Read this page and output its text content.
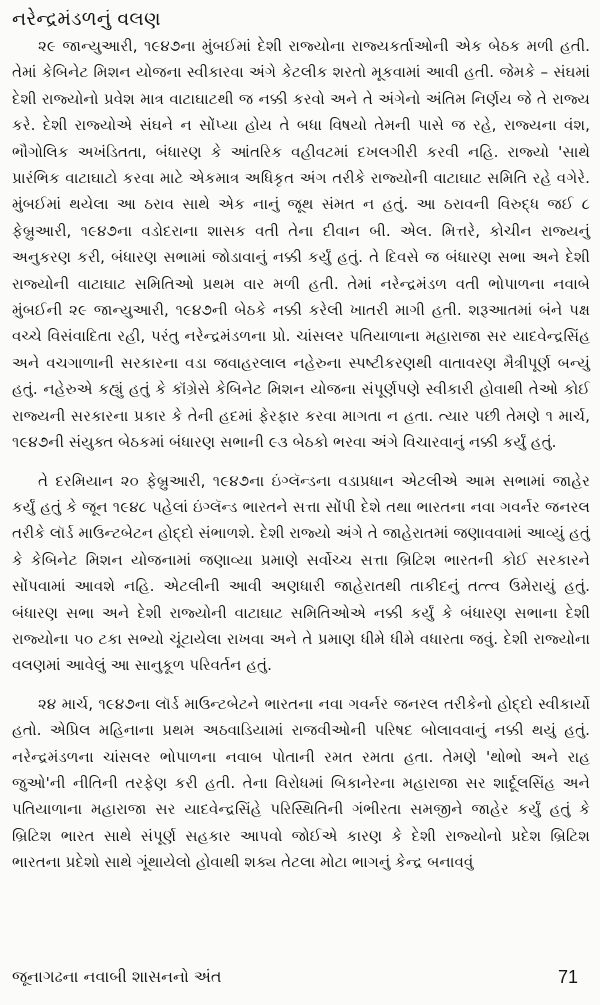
નરેન્દ્રમંડળનું વલણ

૨૯ જાન્યુઆરી, ૧૯૪૭ના મુંબઈમાં દેશી રાજ્યોના રાજ્યકર્તાઓની એક બેઠક મળી હતી. તેમાં કેબિનેટ મિશન યોજના સ્વીકારવા અંગે કેટલીક શરતો મૂકવામાં આવી હતી. જેમકે – સંઘમાં દેશી રાજ્યોનો પ્રવેશ માત્ર વાટાઘાટથી જ નક્કી કરવો અને તે અંગેનો અંતિમ નિર્ણય જે તે રાજ્ય કરે. દેશી રાજ્યોએ સંઘને ન સોંપ્યા હોય તે બધા વિષયો તેમની પાસે જ રહે, રાજ્યના વંશ, ભૌગોલિક અખંડિતતા, બંધારણ કે આંતરિક વહીવટમાં દખલગીરી કરવી નહિ. રાજ્યો 'સાથે પ્રારંભિક વાટાઘાટો કરવા માટે એકમાત્ર અધિકૃત અંગ તરીકે રાજ્યોની વાટાઘાટ સમિતિ રહે વગેરે. મુંબઈમાં થયેલા આ ઠરાવ સાથે એક નાનું જૂથ સંમત ન હતું. આ ઠરાવની વિરુદ્ધ જઈ ૮ ફેબ્રુઆરી, ૧૯૪૭ના વડોદરાના શાસક વતી તેના દીવાન બી. એલ. મિત્તરે, કોચીન રાજ્યનું અનુકરણ કરી, બંધારણ સભામાં જોડાવાનું નક્કી કર્યું હતું. તે દિવસે જ બંધારણ સભા અને દેશી રાજ્યોની વાટાઘાટ સમિતિઓ પ્રથમ વાર મળી હતી. તેમાં નરેન્દ્રમંડળ વતી ભોપાળના નવાબે મુંબઈની ૨૯ જાન્યુઆરી, ૧૯૪૭ની બેઠકે નક્કી કરેલી ખાતરી માગી હતી. શરૂઆતમાં બંને પક્ષ વચ્ચે વિસંવાદિતા રહી, પરંતુ નરેન્દ્રમંડળના પ્રો. ચાંસલર પતિયાળાના મહારાજા સર યાદવેન્દ્રસિંહ અને વચગાળાની સરકારના વડા જવાહરલાલ નહેરુના સ્પષ્ટીકરણથી વાતાવરણ મૈત્રીપૂર્ણ બન્યું હતું. નહેરુએ કહ્યું હતું કે કૉંગ્રેસે કેબિનેટ મિશન યોજના સંપૂર્ણપણે સ્વીકારી હોવાથી તેઓ કોઈ રાજ્યની સરકારના પ્રકાર કે તેની હદમાં ફેરફાર કરવા માગતા ન હતા. ત્યાર પછી તેમણે ૧ માર્ચ, ૧૯૪૭ની સંયુક્ત બેઠકમાં બંધારણ સભાની ૯૩ બેઠકો ભરવા અંગે વિચારવાનું નક્કી કર્યું હતું.

તે દરમિયાન ૨૦ ફેબ્રુઆરી, ૧૯૪૭ના ઇંગ્લૅન્ડના વડાપ્રધાન એટલીએ આમ સભામાં જાહેર કર્યું હતું કે જૂન ૧૯૪૮ પહેલાં ઇંગ્લૅન્ડ ભારતને સત્તા સોંપી દેશે તથા ભારતના નવા ગવર્નર જનરલ તરીકે લૉર્ડ માઉન્ટબેટન હોદ્દો સંભાળશે. દેશી રાજ્યો અંગે તે જાહેરાતમાં જણાવવામાં આવ્યું હતું કે કેબિનેટ મિશન યોજનામાં જણાવ્યા પ્રમાણે સર્વોચ્ચ સત્તા બ્રિટિશ ભારતની કોઈ સરકારને સોંપવામાં આવશે નહિ. એટલીની આવી અણધારી જાહેરાતથી તાકીદનું તત્ત્વ ઉમેરાયું હતું. બંધારણ સભા અને દેશી રાજ્યોની વાટાઘાટ સમિતિઓએ નક્કી કર્યું કે બંધારણ સભાના દેશી રાજ્યોના ૫૦ ટકા સભ્યો ચૂંટાયેલા રાખવા અને તે પ્રમાણ ધીમે ધીમે વધારતા જવું. દેશી રાજ્યોના વલણમાં આવેલું આ સાનુકૂળ પરિવર્તન હતું.

૨૪ માર્ચ, ૧૯૪૭ના લૉર્ડ માઉન્ટબેટને ભારતના નવા ગવર્નર જનરલ તરીકેનો હોદ્દો સ્વીકાર્યો હતો. એપ્રિલ મહિનાના પ્રથમ અઠવાડિયામાં રાજવીઓની પરિષદ બોલાવવાનું નક્કી થયું હતું. નરેન્દ્રમંડળના ચાંસલર ભોપાળના નવાબ પોતાની રમત રમતા હતા. તેમણે 'થોભો અને રાહ જુઓ'ની નીતિની તરફેણ કરી હતી. તેના વિરોધમાં બિકાનેરના મહારાજા સર શાર્દૂલસિંહ અને પતિયાળાના મહારાજા સર યાદવેન્દ્રસિંહે પરિસ્થિતિની ગંભીરતા સમજીને જાહેર કર્યું હતું કે બ્રિટિશ ભારત સાથે સંપૂર્ણ સહકાર આપવો જોઈએ કારણ કે દેશી રાજ્યોનો પ્રદેશ બ્રિટિશ ભારતના પ્રદેશો સાથે ગૂંથાયેલો હોવાથી શક્ય તેટલા મોટા ભાગનું કેન્દ્ર બનાવવું

જૂનાગઢના નવાબી શાસનનો અંત	71
